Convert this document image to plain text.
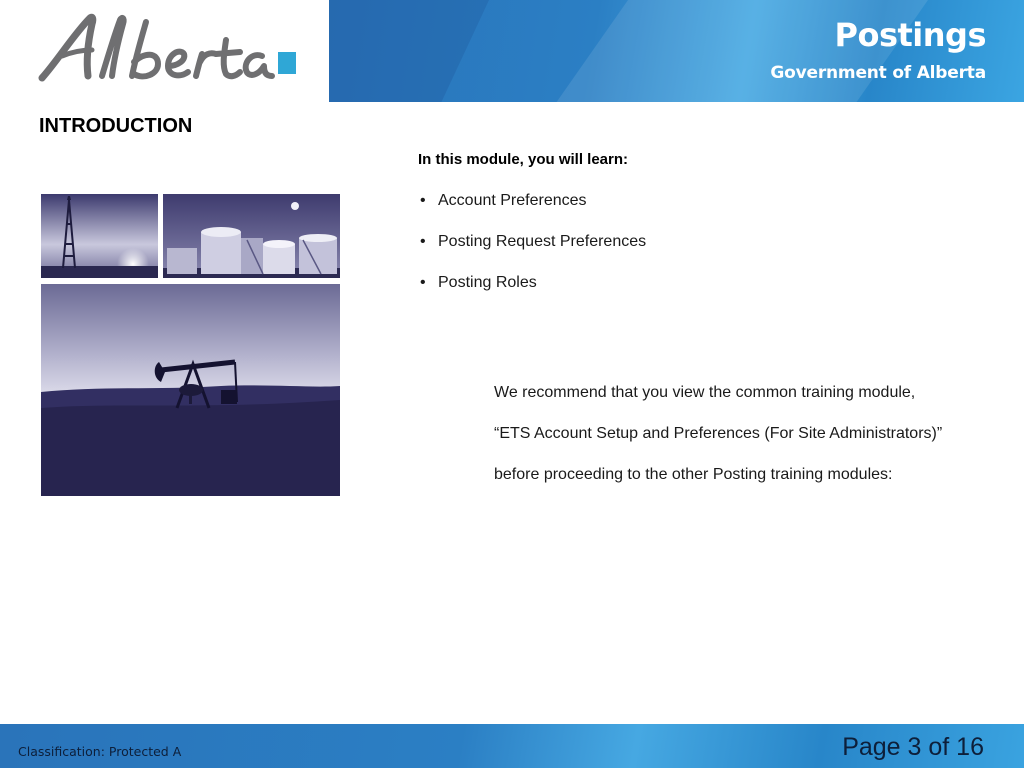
Postings
Government of Alberta
INTRODUCTION
In this module, you will learn:
• Account Preferences
• Posting Request Preferences
• Posting Roles
We recommend that you view the common training module,
“ETS Account Setup and Preferences (For Site Administrators)”
before proceeding to the other Posting training modules:
Classification: Protected A	Page 3 of 16
